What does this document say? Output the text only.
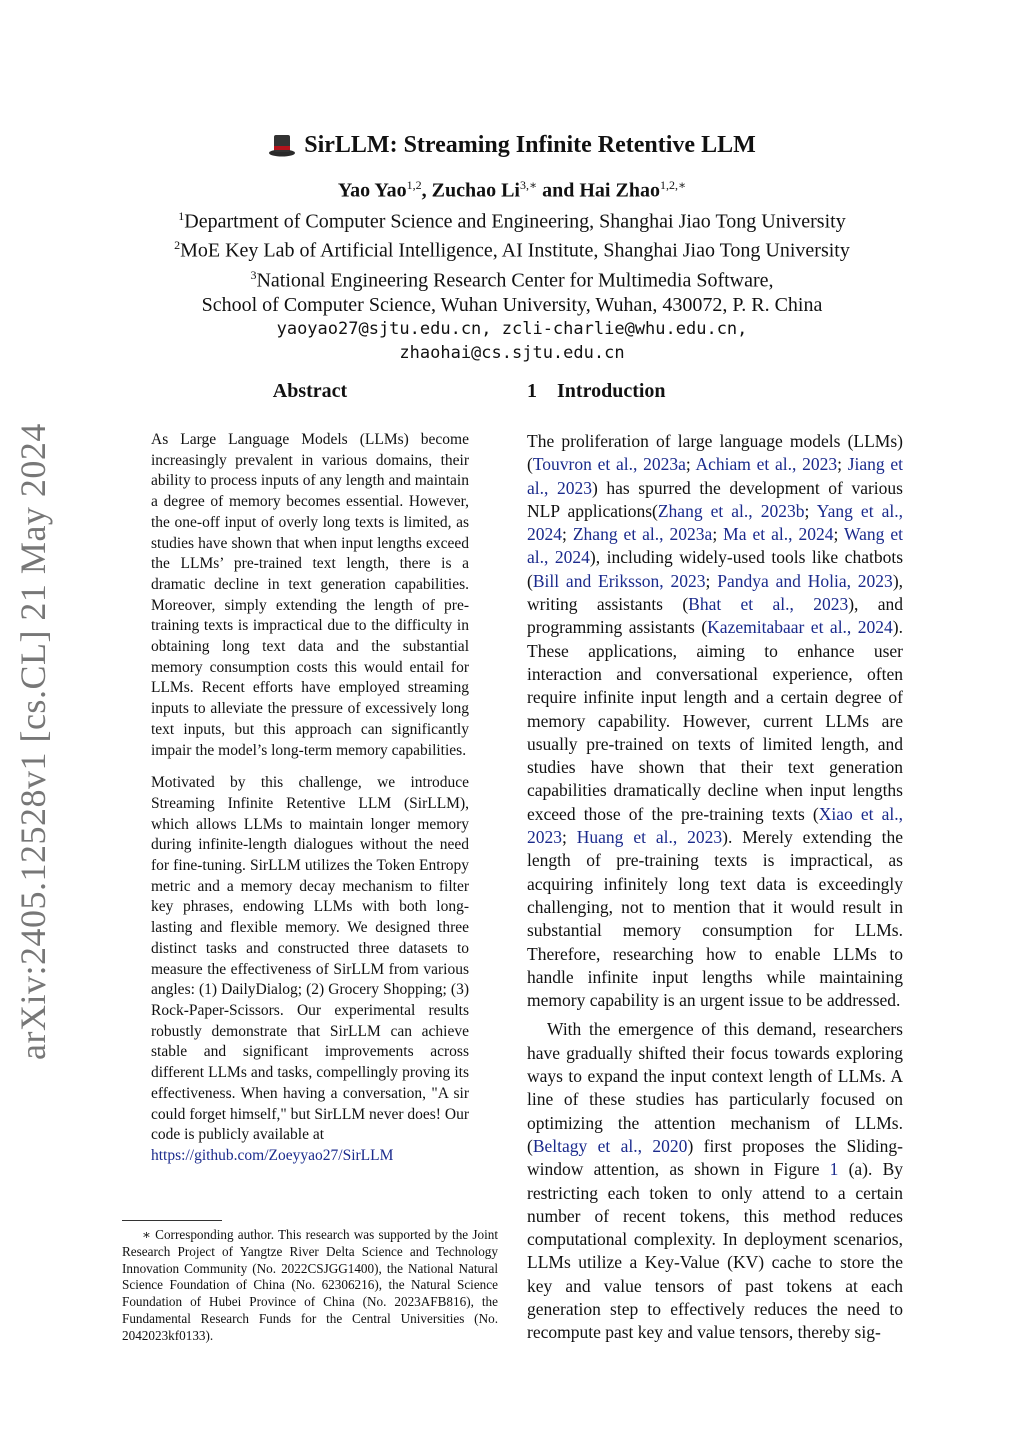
arXiv:2405.12528v1 [cs.CL] 21 May 2024
SirLLM: Streaming Infinite Retentive LLM
Yao Yao$^{1,2}$, Zuchao $Li^{3,∗}$ and Hai Zhao$^{1,2,∗}$
$^1$Department of Computer Science and Engineering, Shanghai Jiao Tong University
$^2$MoE Key Lab of Artificial Intelligence, AI Institute, Shanghai Jiao Tong University
$^3$National Engineering Research Center for Multimedia Software,
School of Computer Science, Wuhan University, Wuhan, 430072, P. R. China
yaoyao27@sjtu.edu.cn, zcli-charlie@whu.edu.cn,
zhaohai@cs.sjtu.edu.cn
Abstract

As Large Language Models (LLMs) become increasingly prevalent in various domains, their ability to process inputs of any length and maintain a degree of memory becomes essential. However, the one-off input of overly long texts is limited, as studies have shown that when input lengths exceed the LLMs’ pre-trained text length, there is a dramatic decline in text generation capabilities. Moreover, simply extending the length of pre-training texts is impractical due to the difficulty in obtaining long text data and the substantial memory consumption costs this would entail for LLMs. Recent efforts have employed streaming inputs to alleviate the pressure of excessively long text inputs, but this approach can significantly impair the model’s long-term memory capabilities.

Motivated by this challenge, we introduce Streaming Infinite Retentive LLM (SirLLM), which allows LLMs to maintain longer memory during infinite-length dialogues without the need for fine-tuning. SirLLM utilizes the Token Entropy metric and a memory decay mechanism to filter key phrases, endowing LLMs with both long-lasting and flexible memory. We designed three distinct tasks and constructed three datasets to measure the effectiveness of SirLLM from various angles: (1) DailyDialog; (2) Grocery Shopping; (3) Rock-Paper-Scissors. Our experimental results robustly demonstrate that SirLLM can achieve stable and significant improvements across different LLMs and tasks, compellingly proving its effectiveness. When having a conversation, "A sir could forget himself," but SirLLM never does! Our code is publicly available at
https://github.com/Zoeyyao27/SirLLM

∗ Corresponding author. This research was supported by the Joint Research Project of Yangtze River Delta Science and Technology Innovation Community (No. 2022CSJGG1400), the National Natural Science Foundation of China (No. 62306216), the Natural Science Foundation of Hubei Province of China (No. 2023AFB816), the Fundamental Research Funds for the Central Universities (No. 2042023kf0133).

1 Introduction

The proliferation of large language models (LLMs) (Touvron et al., 2023a; Achiam et al., 2023; Jiang et al., 2023) has spurred the development of various NLP applications(Zhang et al., 2023b; Yang et al., 2024; Zhang et al., 2023a; Ma et al., 2024; Wang et al., 2024), including widely-used tools like chatbots (Bill and Eriksson, 2023; Pandya and Holia, 2023), writing assistants (Bhat et al., 2023), and programming assistants (Kazemitabaar et al., 2024). These applications, aiming to enhance user interaction and conversational experience, often require infinite input length and a certain degree of memory capability. However, current LLMs are usually pre-trained on texts of limited length, and studies have shown that their text generation capabilities dramatically decline when input lengths exceed those of the pre-training texts (Xiao et al., 2023; Huang et al., 2023). Merely extending the length of pre-training texts is impractical, as acquiring infinitely long text data is exceedingly challenging, not to mention that it would result in substantial memory consumption for LLMs. Therefore, researching how to enable LLMs to handle infinite input lengths while maintaining memory capability is an urgent issue to be addressed.

With the emergence of this demand, researchers have gradually shifted their focus towards exploring ways to expand the input context length of LLMs. A line of these studies has particularly focused on optimizing the attention mechanism of LLMs. (Beltagy et al., 2020) first proposes the Sliding-window attention, as shown in Figure 1 (a). By restricting each token to only attend to a certain number of recent tokens, this method reduces computational complexity. In deployment scenarios, LLMs utilize a Key-Value (KV) cache to store the key and value tensors of past tokens at each generation step to effectively reduces the need to recompute past key and value tensors, thereby sig-
